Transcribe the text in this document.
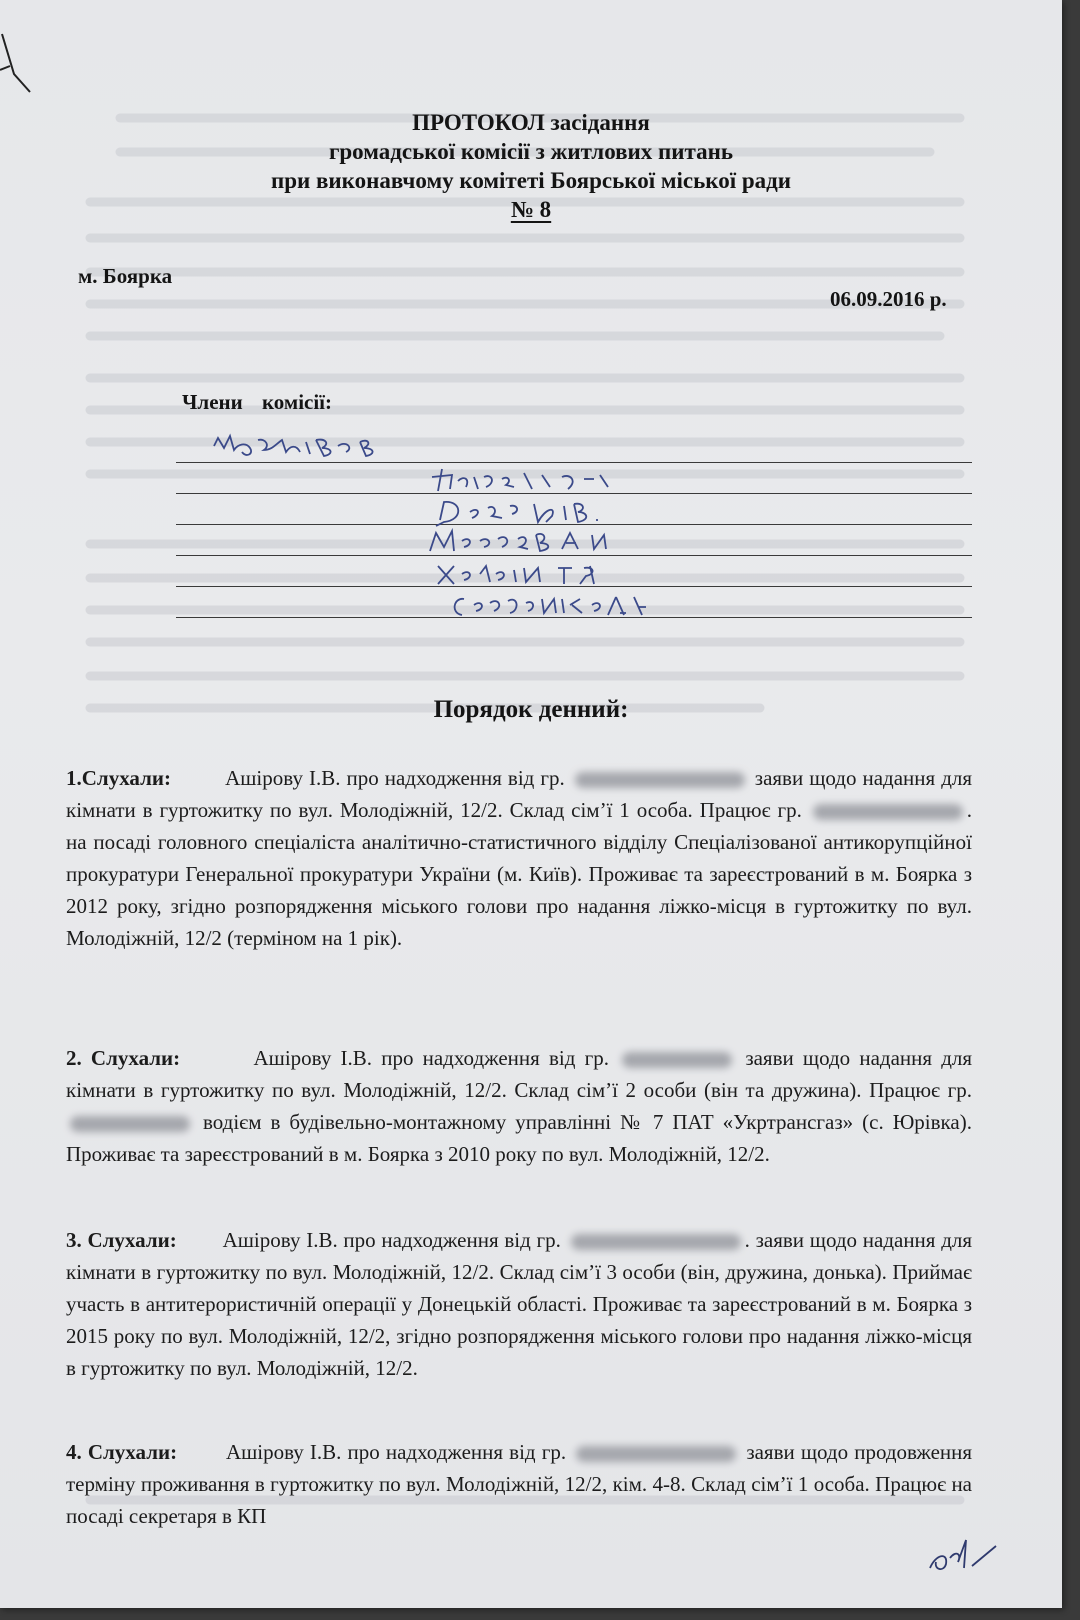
ПРОТОКОЛ засідання
громадської комісії з житлових питань
при виконавчому комітеті Боярської міської ради
№ 8
м. Боярка
06.09.2016 р.
Члени комісії:
Порядок денний:
1.Слухали:	Ашірову І.В. про надходження від гр.	заяви щодо надання для кімнати в гуртожитку по вул. Молодіжній, 12/2. Склад сім’ї 1 особа. Працює гр.	. на посаді головного спеціаліста аналітично-статистичного відділу Спеціалізованої антикорупційної прокуратури Генеральної прокуратури України (м. Київ). Проживає та зареєстрований в м. Боярка з 2012 року, згідно розпорядження міського голови про надання ліжко-місця в гуртожитку по вул. Молодіжній, 12/2 (терміном на 1 рік).
2. Слухали:	Ашірову І.В. про надходження від гр.	заяви щодо надання для кімнати в гуртожитку по вул. Молодіжній, 12/2. Склад сім’ї 2 особи (він та дружина). Працює гр.  водієм в будівельно-монтажному управлінні № 7 ПАТ «Укртрансгаз» (с. Юрівка). Проживає та зареєстрований в м. Боярка з 2010 року по вул. Молодіжній, 12/2.
3. Слухали: Ашірову І.В. про надходження від гр.	. заяви щодо надання для кімнати в гуртожитку по вул. Молодіжній, 12/2. Склад сім’ї 3 особи (він, дружина, донька). Приймає участь в антитерористичній операції у Донецькій області. Проживає та зареєстрований в м. Боярка з 2015 року по вул. Молодіжній, 12/2, згідно розпорядження міського голови про надання ліжко-місця в гуртожитку по вул. Молодіжній, 12/2.
4. Слухали: Ашірову І.В. про надходження від гр.	заяви щодо продовження терміну проживання в гуртожитку по вул. Молодіжній, 12/2, кім. 4-8. Склад сім’ї 1 особа. Працює на посаді секретаря в КП
